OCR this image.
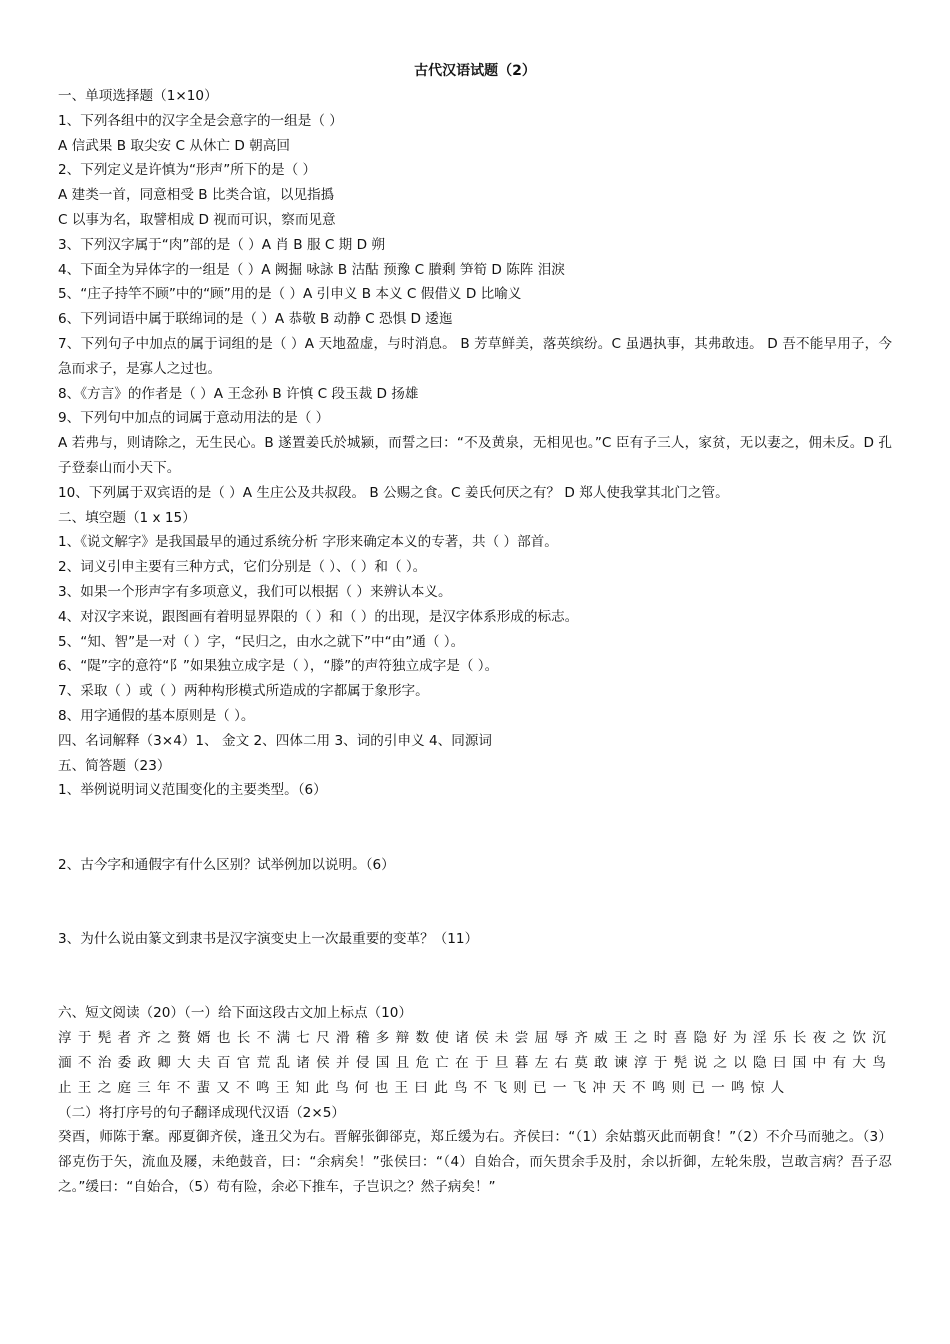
古代汉语试题（2）
一、单项选择题（1×10）
1、下列各组中的汉字全是会意字的一组是（ ）
A 信武果 B 取尖安 C 从休亡 D 朝高回
2、下列定义是许慎为“形声”所下的是（ ）
A 建类一首，同意相受 B 比类合谊，以见指撝
C 以事为名，取譬相成 D 视而可识，察而见意
3、下列汉字属于“肉”部的是（ ）A 肖 B 服 C 期 D 朔
4、下面全为异体字的一组是（ ）A 阙掘 咏詠 B 沽酤 预豫 C 賸剩 笋筍 D 陈阵 泪淚
5、“庄子持竿不顾”中的“顾”用的是（ ）A 引申义 B 本义 C 假借义 D 比喻义
6、下列词语中属于联绵词的是（ ）A 恭敬 B 动静 C 恐惧 D 逶迤
7、下列句子中加点的属于词组的是（ ）A 天地盈虚，与时消息。 B 芳草鲜美，落英缤纷。C 虽遇执事，其弗敢违。 D 吾不能早用子，今急而求子，是寡人之过也。
8、《方言》的作者是（ ）A 王念孙 B 许慎 C 段玉裁 D 扬雄
9、下列句中加点的词属于意动用法的是（ ）
A 若弗与，则请除之，无生民心。B 遂置姜氏於城颍，而誓之曰：“不及黄泉，无相见也。”C 臣有子三人，家贫，无以妻之，佣未反。D 孔子登泰山而小天下。
10、下列属于双宾语的是（ ）A 生庄公及共叔段。 B 公赐之食。C 姜氏何厌之有？ D 郑人使我掌其北门之管。
二、填空题（1 x 15）
1、《说文解字》是我国最早的通过系统分析 字形来确定本义的专著，共（ ）部首。
2、词义引申主要有三种方式，它们分别是（ ）、（ ）和（ ）。
3、如果一个形声字有多项意义，我们可以根据（ ）来辨认本义。
4、对汉字来说，跟图画有着明显界限的（ ）和（ ）的出现，是汉字体系形成的标志。
5、“知、智”是一对（ ）字，“民归之，由水之就下”中“由”通（ ）。
6、“隄”字的意符“阝”如果独立成字是（ ），“滕”的声符独立成字是（ ）。
7、采取（ ）或（ ）两种构形模式所造成的字都属于象形字。
8、用字通假的基本原则是（ ）。
四、名词解释（3×4）1、 金文 2、四体二用 3、词的引申义 4、同源词
五、简答题（23）
1、举例说明词义范围变化的主要类型。（6）
2、古今字和通假字有什么区别？试举例加以说明。（6）
3、为什么说由篆文到隶书是汉字演变史上一次最重要的变革？（11）
六、短文阅读（20）（一）给下面这段古文加上标点（10）
淳于髡者齐之赘婿也长不满七尺滑稽多辩数使诸侯未尝屈辱齐威王之时喜隐好为淫乐长夜之饮沉湎不治委政卿大夫百官荒乱诸侯并侵国且危亡在于旦暮左右莫敢谏淳于髡说之以隐曰国中有大鸟止王之庭三年不蜚又不鸣王知此鸟何也王曰此鸟不飞则已一飞冲天不鸣则已一鸣惊人
（二）将打序号的句子翻译成现代汉语（2×5）
癸酉，师陈于鞌。邴夏御齐侯，逢丑父为右。晋解张御郤克，郑丘缓为右。齐侯曰：“（1）余姑翦灭此而朝食！”（2）不介马而驰之。（3）郤克伤于矢，流血及屦，未绝鼓音，曰：“余病矣！”张侯曰：“（4）自始合，而矢贯余手及肘，余以折御，左轮朱殷，岂敢言病？吾子忍之。”缓曰：“自始合，（5）苟有险，余必下推车，子岂识之？然子病矣！”
